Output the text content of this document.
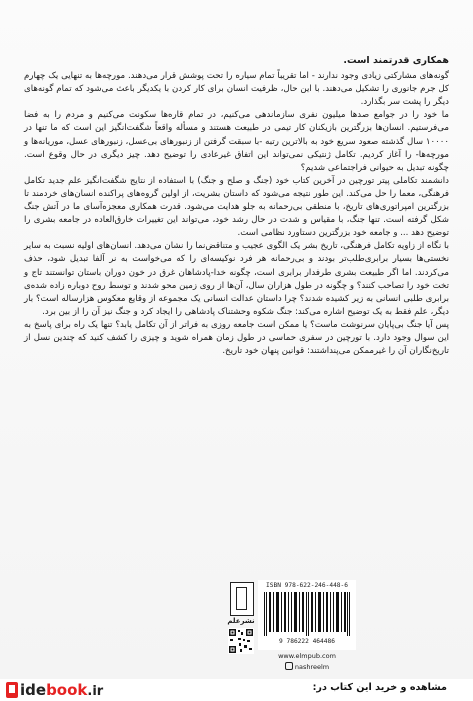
همکاری قدرتمند است.
گونه‌های مشارکتی زیادی وجود ندارند - اما تقریباً تمام سیاره را تحت پوشش قرار می‌دهند. مورچه‌ها به تنهایی یک چهارم کل جرم جانوری را تشکیل می‌دهند. با این حال، ظرفیت انسان برای کار کردن با یکدیگر باعث می‌شود که تمام گونه‌های دیگر را پشت سر بگذارد.
ما خود را در جوامع صدها میلیون نفری سازماندهی می‌کنیم، در تمام قاره‌ها سکونت می‌کنیم و مردم را به فضا می‌فرستیم. انسان‌ها بزرگترین بازیکنان کار تیمی در طبیعت هستند و مسأله واقعاً شگفت‌انگیز این است که ما تنها در ۱۰۰۰۰ سال گذشته صعود سریع خود به بالاترین رتبه -با سبقت گرفتن از زنبورهای بی‌عسل، زنبورهای عسل، موریانه‌ها و مورچه‌ها- را آغاز کردیم. تکامل ژنتیکی نمی‌تواند این اتفاق غیرعادی را توضیح دهد. چیز دیگری در حال وقوع است. چگونه تبدیل به حیوانی فراجتماعی شدیم؟
دانشمند تکاملی پیتر تورچین در آخرین کتاب خود (جنگ و صلح و جنگ) با استفاده از نتایج شگفت‌انگیز علم جدید تکامل فرهنگی، معما را حل می‌کند. این طور نتیجه می‌شود که داستان بشریت، از اولین گروه‌های پراکنده انسان‌های خردمند تا بزرگترین امپراتوری‌های تاریخ، با منطقی بی‌رحمانه به جلو هدایت می‌شود. قدرت همکاری معجزه‌آسای ما در آتش جنگ شکل گرفته است. تنها جنگ، با مقیاس و شدت در حال رشد خود، می‌تواند این تغییرات خارق‌العاده در جامعه بشری را توضیح دهد ... و جامعه خود بزرگترین دستاورد نظامی است.
با نگاه از زاویه تکامل فرهنگی، تاریخ بشر یک الگوی عجیب و متناقض‌نما را نشان می‌دهد. انسان‌های اولیه نسبت به سایر نخستی‌ها بسیار برابری‌طلب‌تر بودند و بی‌رحمانه هر فرد نوکیسه‌ای را که می‌خواست به نر آلفا تبدیل شود، حذف می‌کردند. اما اگر طبیعت بشری طرفدار برابری است، چگونه خدا-پادشاهان غرق در خون دوران باستان توانستند تاج و تخت خود را تصاحب کنند؟ و چگونه در طول هزاران سال، آن‌ها از روی زمین محو شدند و توسط روح دوباره زاده شده‌ی برابری طلبی انسانی به زیر کشیده شدند؟ چرا داستان عدالت انسانی یک مجموعه از وقایع معکوس هزارساله است؟ بار دیگر، علم فقط به یک توضیح اشاره می‌کند: جنگ شکوه وحشتناک پادشاهی را ایجاد کرد و جنگ نیز آن را از بین برد.
پس آیا جنگ بی‌پایان سرنوشت ماست؟ یا ممکن است جامعه روزی به فراتر از آن تکامل یابد؟ تنها یک راه برای پاسخ به این سوال وجود دارد. با تورچین در سفری حماسی در طول زمان همراه شوید و چیزی را کشف کنید که چندین نسل از تاریخ‌نگاران آن را غیرممکن می‌پنداشتند: قوانین پنهان خود تاریخ.
نشرعلم
ISBN 978-622-246-448-6
9 786222 464486
www.elmpub.com
nashreelm
idebook.ir	مشاهده و خرید این کتاب در:
